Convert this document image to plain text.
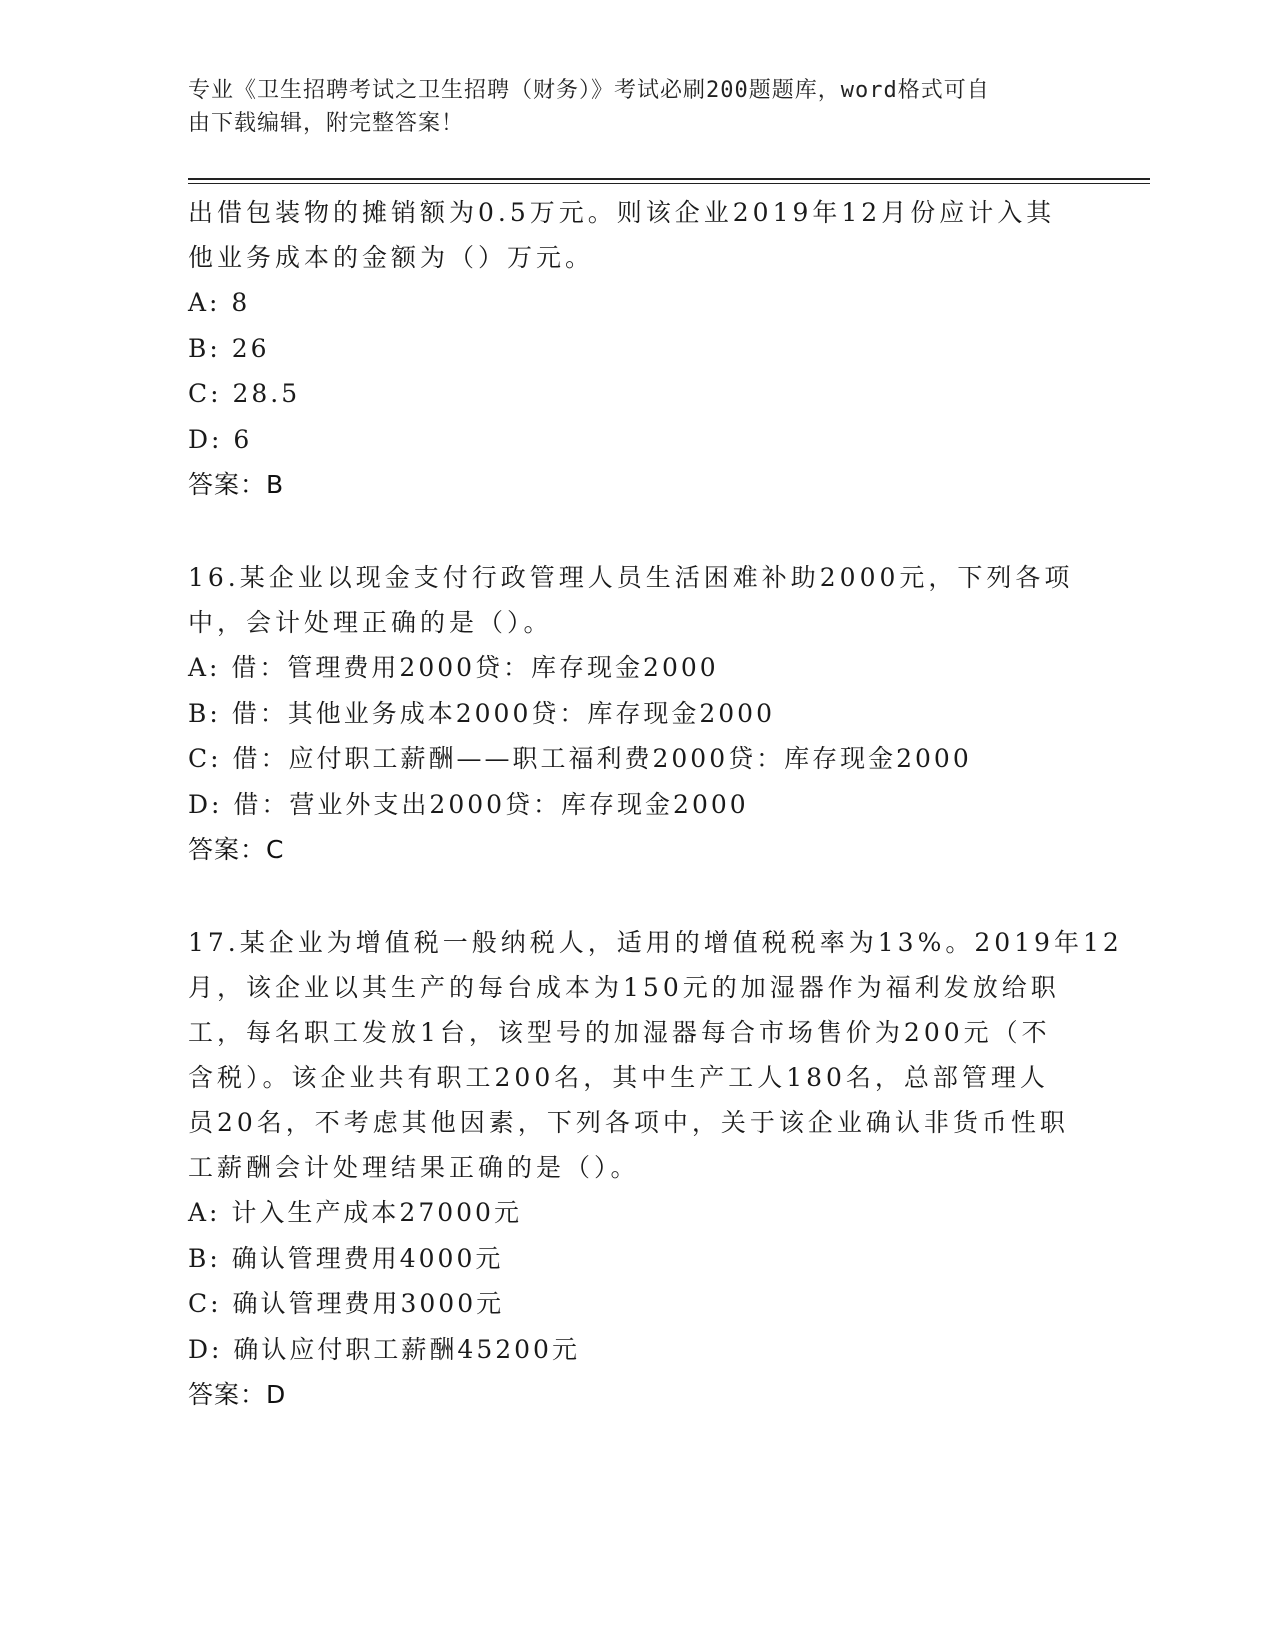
专业《卫生招聘考试之卫生招聘（财务）》考试必刷200题题库，word格式可自
由下载编辑，附完整答案！
出借包装物的摊销额为0.5万元。则该企业2019年12月份应计入其
他业务成本的金额为（）万元。
A: 8
B: 26
C: 28.5
D: 6
答案：B
16.某企业以现金支付行政管理人员生活困难补助2000元，下列各项
中，会计处理正确的是（）。
A: 借：管理费用2000贷：库存现金2000
B: 借：其他业务成本2000贷：库存现金2000
C: 借：应付职工薪酬——职工福利费2000贷：库存现金2000
D: 借：营业外支出2000贷：库存现金2000
答案：C
17.某企业为增值税一般纳税人，适用的增值税税率为13%。2019年12
月，该企业以其生产的每台成本为150元的加湿器作为福利发放给职
工，每名职工发放1台，该型号的加湿器每合市场售价为200元（不
含税）。该企业共有职工200名，其中生产工人180名，总部管理人
员20名，不考虑其他因素，下列各项中，关于该企业确认非货币性职
工薪酬会计处理结果正确的是（）。
A: 计入生产成本27000元
B: 确认管理费用4000元
C: 确认管理费用3000元
D: 确认应付职工薪酬45200元
答案：D
